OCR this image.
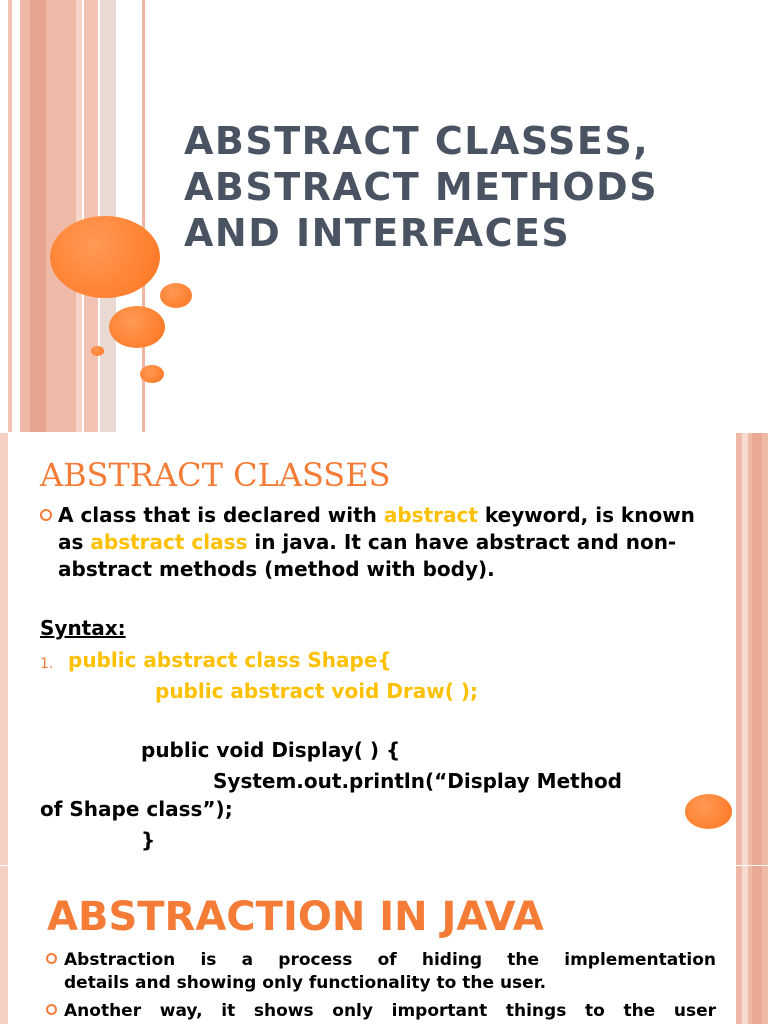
ABSTRACT CLASSES,
ABSTRACT METHODS
AND INTERFACES
ABSTRACT CLASSES
A class that is declared with abstract keyword, is known as abstract class in java. It can have abstract and non-abstract methods (method with body).
Syntax:
1. public abstract class Shape{
public abstract void Draw( );
public void Display( ) {
System.out.println(“Display Method
of Shape class”);
}
ABSTRACTION IN JAVA
Abstraction is a process of hiding the implementation
details and showing only functionality to the user.
Another way, it shows only important things to the user
